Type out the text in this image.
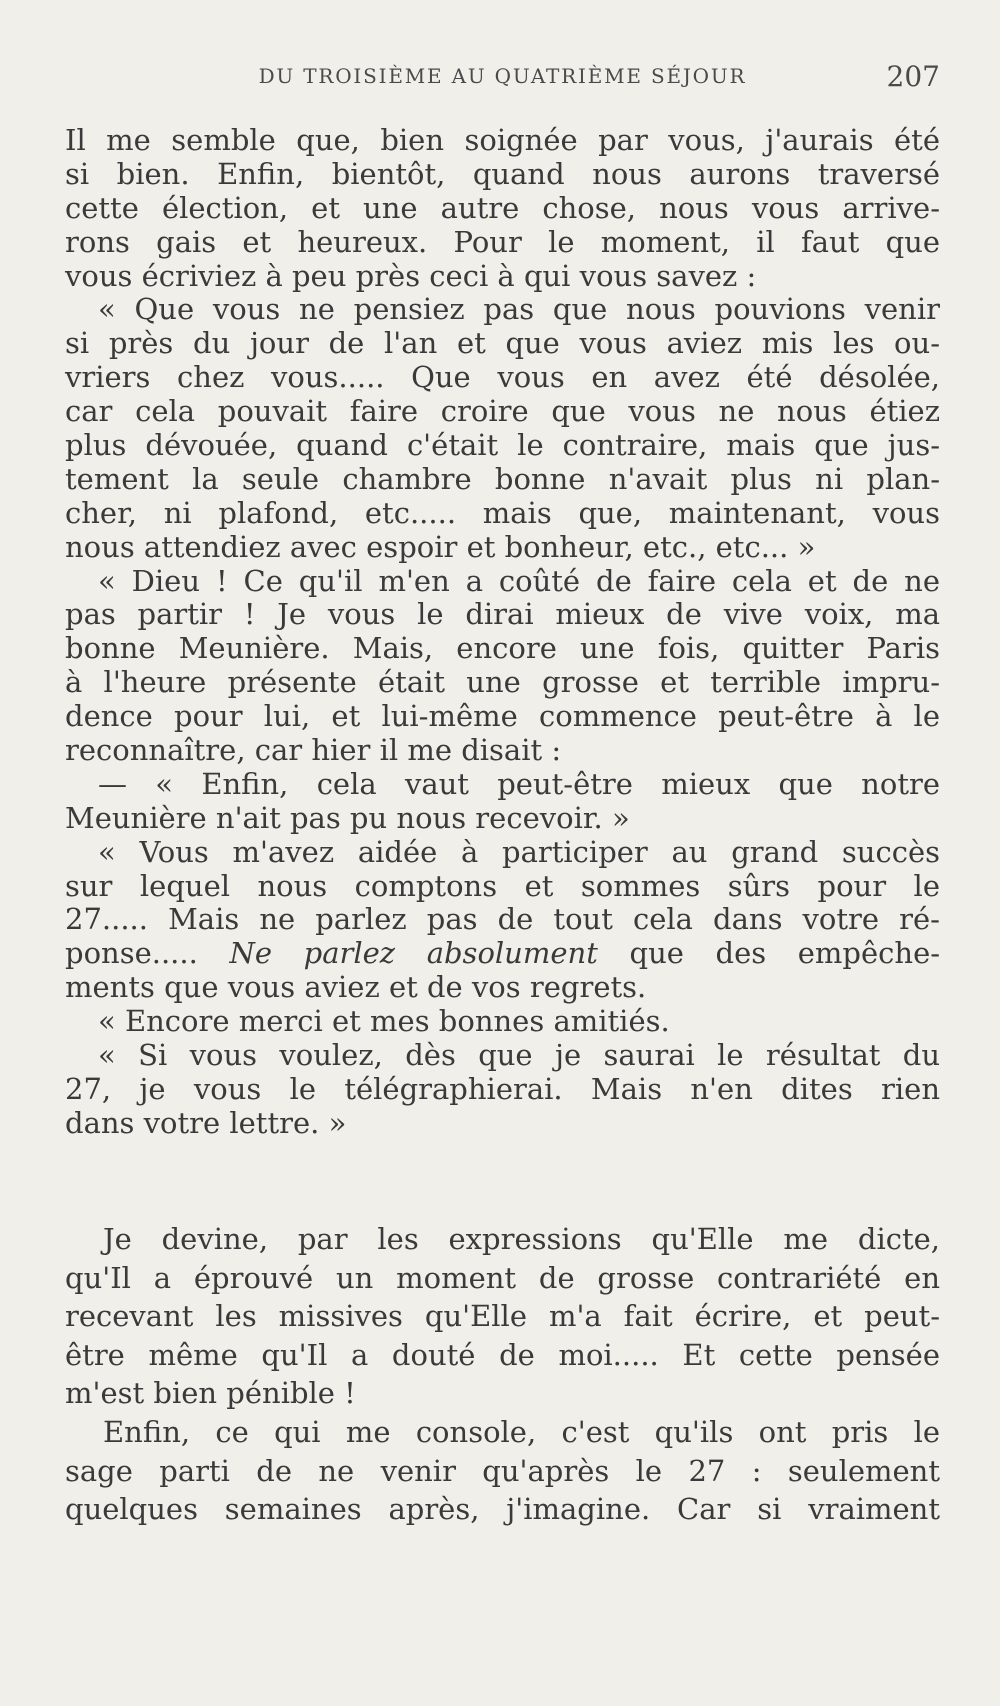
DU TROISIÈME AU QUATRIÈME SÉJOUR	207
Il me semble que, bien soignée par vous, j'aurais été
si bien. Enfin, bientôt, quand nous aurons traversé
cette élection, et une autre chose, nous vous arrive-
rons gais et heureux. Pour le moment, il faut que
vous écriviez à peu près ceci à qui vous savez :
« Que vous ne pensiez pas que nous pouvions venir
si près du jour de l'an et que vous aviez mis les ou-
vriers chez vous..... Que vous en avez été désolée,
car cela pouvait faire croire que vous ne nous étiez
plus dévouée, quand c'était le contraire, mais que jus-
tement la seule chambre bonne n'avait plus ni plan-
cher, ni plafond, etc..... mais que, maintenant, vous
nous attendiez avec espoir et bonheur, etc., etc... »
« Dieu ! Ce qu'il m'en a coûté de faire cela et de ne
pas partir ! Je vous le dirai mieux de vive voix, ma
bonne Meunière. Mais, encore une fois, quitter Paris
à l'heure présente était une grosse et terrible impru-
dence pour lui, et lui-même commence peut-être à le
reconnaître, car hier il me disait :
— « Enfin, cela vaut peut-être mieux que notre
Meunière n'ait pas pu nous recevoir. »
« Vous m'avez aidée à participer au grand succès
sur lequel nous comptons et sommes sûrs pour le
27..... Mais ne parlez pas de tout cela dans votre ré-
ponse..... Ne parlez absolument que des empêche-
ments que vous aviez et de vos regrets.
« Encore merci et mes bonnes amitiés.
« Si vous voulez, dès que je saurai le résultat du
27, je vous le télégraphierai. Mais n'en dites rien
dans votre lettre. »
Je devine, par les expressions qu'Elle me dicte,
qu'Il a éprouvé un moment de grosse contrariété en
recevant les missives qu'Elle m'a fait écrire, et peut-
être même qu'Il a douté de moi..... Et cette pensée
m'est bien pénible !
Enfin, ce qui me console, c'est qu'ils ont pris le
sage parti de ne venir qu'après le 27 : seulement
quelques semaines après, j'imagine. Car si vraiment
